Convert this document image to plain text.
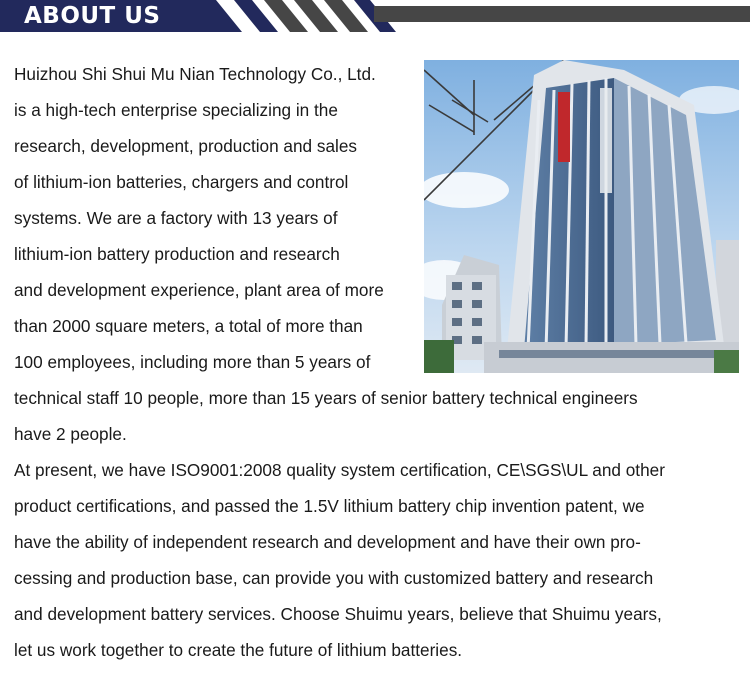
ABOUT US
Huizhou Shi Shui Mu Nian Technology Co., Ltd.
is a high-tech enterprise specializing in the
research, development, production and sales
of lithium-ion batteries, chargers and control
systems. We are a factory with 13 years of
lithium-ion battery production and research
and development experience, plant area of more
than 2000 square meters, a total of more than
100 employees, including more than 5 years of
technical staff 10 people, more than 15 years of senior battery technical engineers
have 2 people.
At present, we have ISO9001:2008 quality system certification, CE\SGS\UL and other
product certifications, and passed the 1.5V lithium battery chip invention patent, we
have the ability of independent research and development and have their own pro-
cessing and production base, can provide you with customized battery and research
and development battery services. Choose Shuimu years, believe that Shuimu years,
let us work together to create the future of lithium batteries.
